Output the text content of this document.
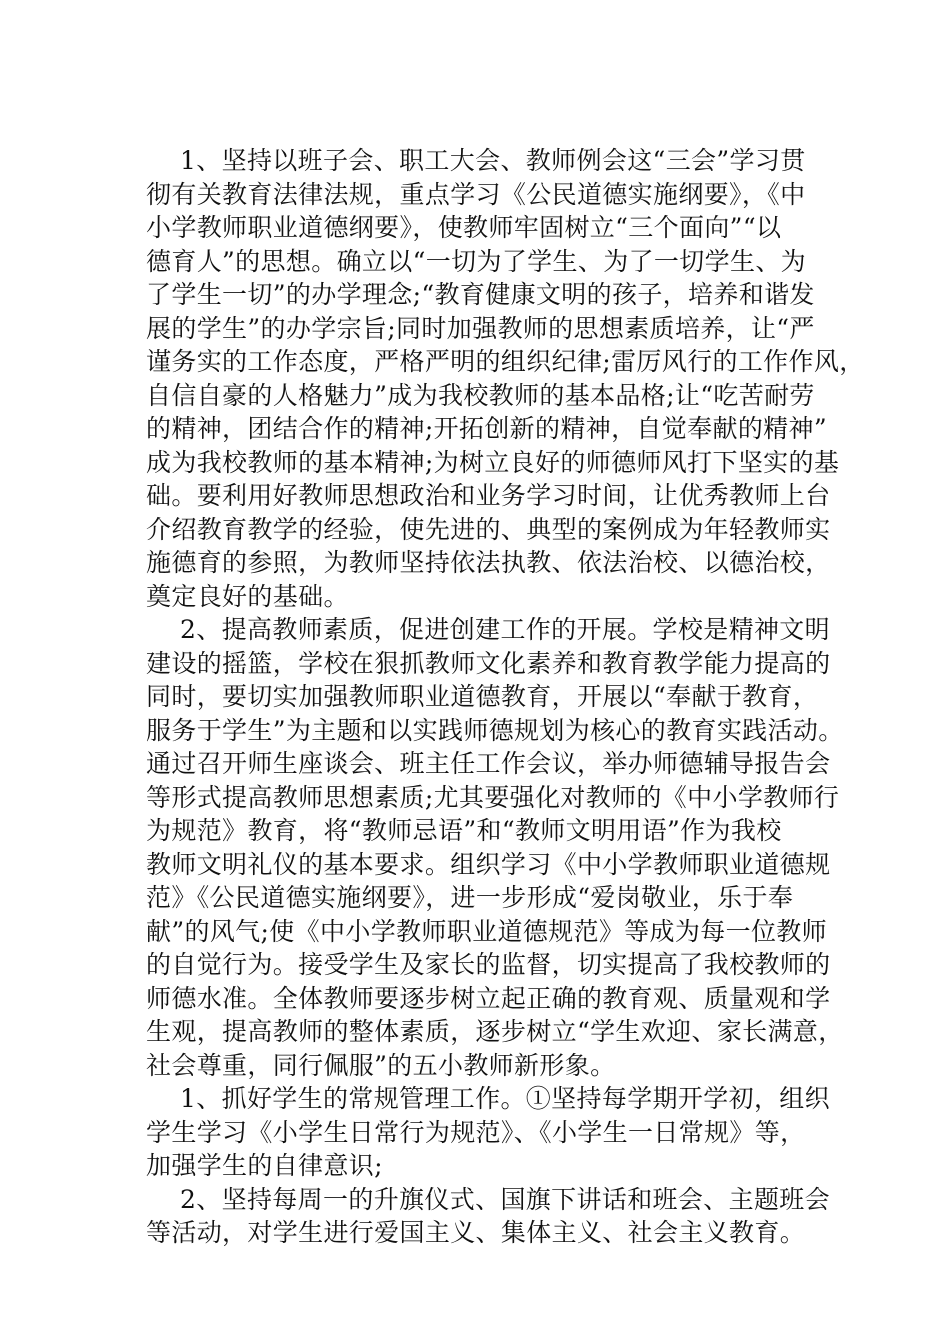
1、坚持以班子会、职工大会、教师例会这“三会”学习贯
彻有关教育法律法规，重点学习《公民道德实施纲要》，《中
小学教师职业道德纲要》，使教师牢固树立“三个面向”“以
德育人”的思想。确立以“一切为了学生、为了一切学生、为
了学生一切”的办学理念;“教育健康文明的孩子，培养和谐发
展的学生”的办学宗旨;同时加强教师的思想素质培养，让“严
谨务实的工作态度，严格严明的组织纪律;雷厉风行的工作作风，
自信自豪的人格魅力”成为我校教师的基本品格;让“吃苦耐劳
的精神，团结合作的精神;开拓创新的精神，自觉奉献的精神”
成为我校教师的基本精神;为树立良好的师德师风打下坚实的基
础。要利用好教师思想政治和业务学习时间，让优秀教师上台
介绍教育教学的经验，使先进的、典型的案例成为年轻教师实
施德育的参照，为教师坚持依法执教、依法治校、以德治校，
奠定良好的基础。
2、提高教师素质，促进创建工作的开展。学校是精神文明
建设的摇篮，学校在狠抓教师文化素养和教育教学能力提高的
同时，要切实加强教师职业道德教育，开展以“奉献于教育，
服务于学生”为主题和以实践师德规划为核心的教育实践活动。
通过召开师生座谈会、班主任工作会议，举办师德辅导报告会
等形式提高教师思想素质;尤其要强化对教师的《中小学教师行
为规范》教育，将“教师忌语”和“教师文明用语”作为我校
教师文明礼仪的基本要求。组织学习《中小学教师职业道德规
范》《公民道德实施纲要》，进一步形成“爱岗敬业，乐于奉
献”的风气;使《中小学教师职业道德规范》等成为每一位教师
的自觉行为。接受学生及家长的监督，切实提高了我校教师的
师德水准。全体教师要逐步树立起正确的教育观、质量观和学
生观，提高教师的整体素质，逐步树立“学生欢迎、家长满意，
社会尊重，同行佩服”的五小教师新形象。
1、抓好学生的常规管理工作。①坚持每学期开学初，组织
学生学习《小学生日常行为规范》、《小学生一日常规》等，
加强学生的自律意识;
2、坚持每周一的升旗仪式、国旗下讲话和班会、主题班会
等活动，对学生进行爱国主义、集体主义、社会主义教育。
